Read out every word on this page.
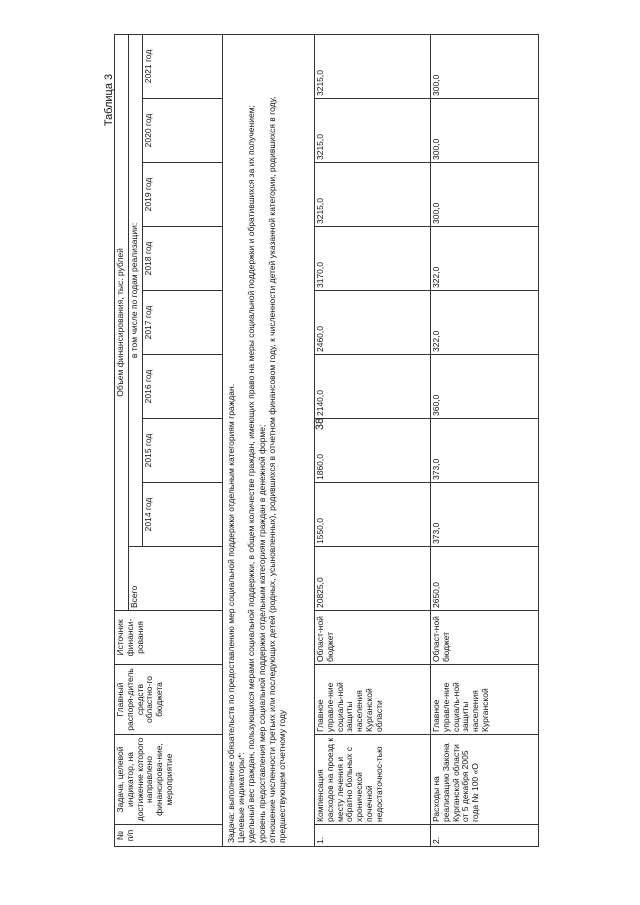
38
Таблица 3
№ п/п	Задача, целевой индикатор, на достижение которого направлено финансирова-ние, мероприятие	Главный распоря-дитель средств областно-го бюджета	Источник финанси-рования	Объем финансирования, тыс. рублей								
				Всего	в том числе по годам реализации:							
					2014 год	2015 год	2016 год	2017 год	2018 год	2019 год	2020 год	2021 год

Задача: выполнение обязательств по предоставлению мер социальной поддержки отдельным категориям граждан. Целевые индикаторы*: удельный вес граждан, пользующихся мерами социальной поддержки, в общем количестве граждан, имеющих право на меры социальной поддержки и обратившихся за их получением; уровень предоставления мер социальной поддержки отдельным категориям граждан в денежной форме; отношение численности третьих или последующих детей (родных, усыновленных), родившихся в отчетном финансовом году, к численности детей указанной категории, родившихся в году, предшествующем отчетному году												

1.	Компенсация расходов на проезд к месту лечения и обратно больных с хронической почечной недостаточнос-тью	Главное управле-ние социаль-ной защиты населения Курганской области	Област-ной бюджет	20825,0	1550,0	1860,0	2140,0	2460,0	3170,0	3215,0	3215,0	3215,0
2.	Расходы на реализацию Закона Курганской области от 5 декабря 2005 года № 100 «О	Главное управле-ние социаль-ной защиты населения Курганской	Област-ной бюджет	2650,0	373,0	373,0	360,0	322,0	322,0	300,0	300,0	300,0
